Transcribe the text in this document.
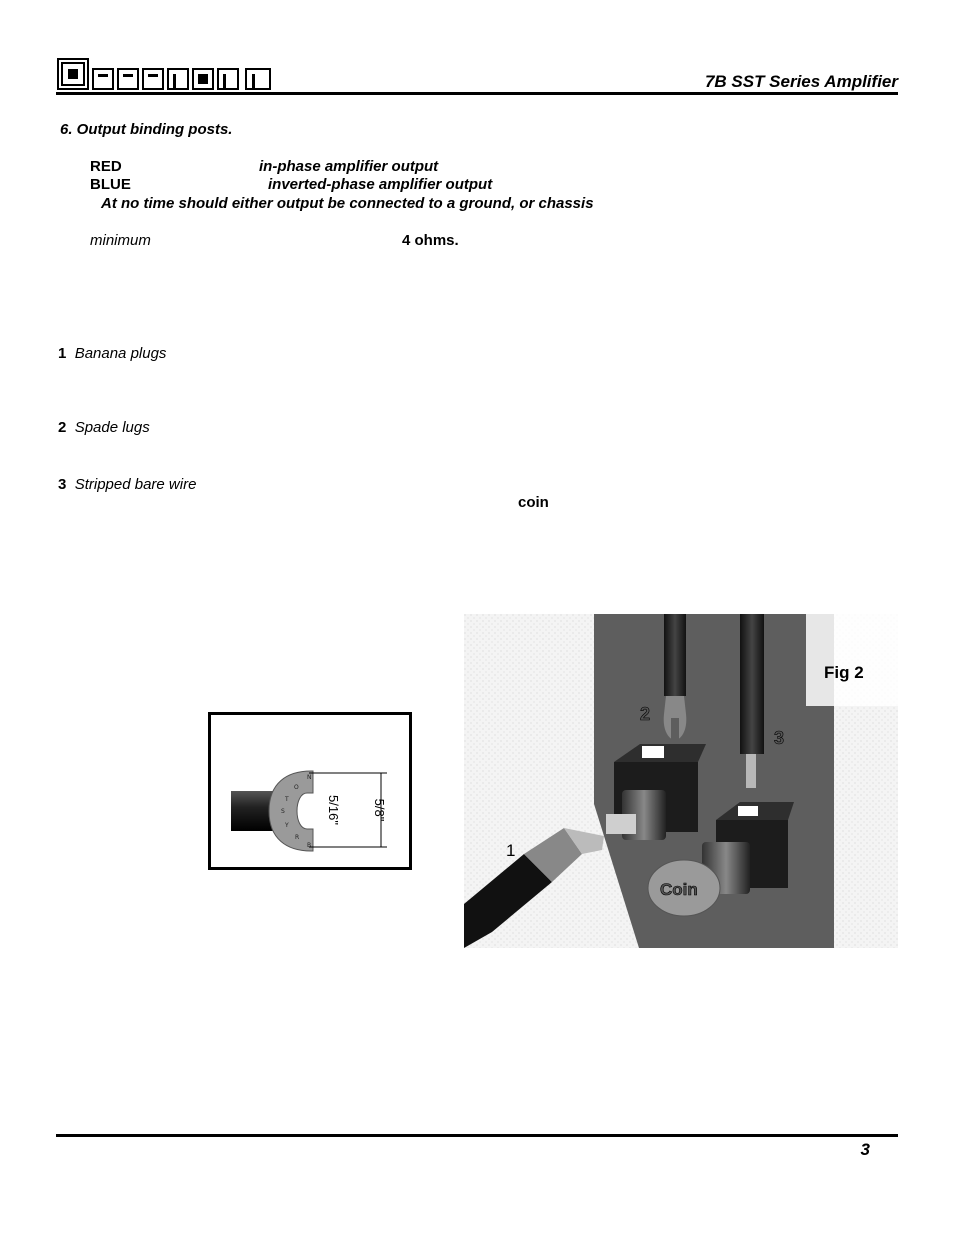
7B SST Series Amplifier
6. Output binding posts.
RED	in-phase amplifier output
BLUE	inverted-phase amplifier output
At no time should either output be connected to a ground, or chassis
minimum	4 ohms.
1 Banana plugs
2 Spade lugs
3 Stripped bare wire
coin
N
O
T
S
Y
R
B
5/16" 5/8"
Fig 2
1
2
3
Coin
3
